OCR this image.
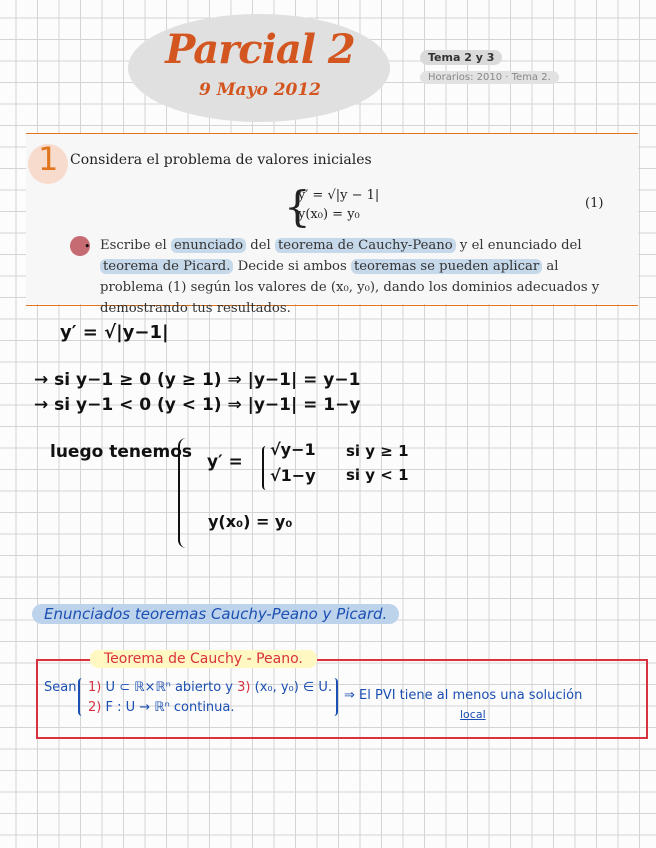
Parcial 2
9 Mayo 2012
Tema 2 y 3
Horarios: 2010 · Tema 2.
1 Considera el problema de valores iniciales
{
y′ = √|y − 1|
y(x₀) = y₀
(1)
• Escribe el enunciado del teorema de Cauchy-Peano y el enunciado del teorema de Picard. Decide si ambos teoremas se pueden aplicar al problema (1) según los valores de (x₀, y₀), dando los dominios adecuados y demostrando tus resultados.
y′ = √|y−1|
→ si y−1 ≥ 0 (y ≥ 1) ⇒ |y−1| = y−1
→ si y−1 < 0 (y < 1) ⇒ |y−1| = 1−y
luego tenemos y′ =
√y−1
√1−y
si y ≥ 1
si y < 1
y(x₀) = y₀
Enunciados teoremas Cauchy-Peano y Picard.
Teorema de Cauchy - Peano.
Sean 1) U ⊂ ℝ×ℝⁿ abierto y 3) (x₀, y₀) ∈ U.
2) F : U → ℝⁿ continua.
⇒ El PVI tiene al menos una solución
local
